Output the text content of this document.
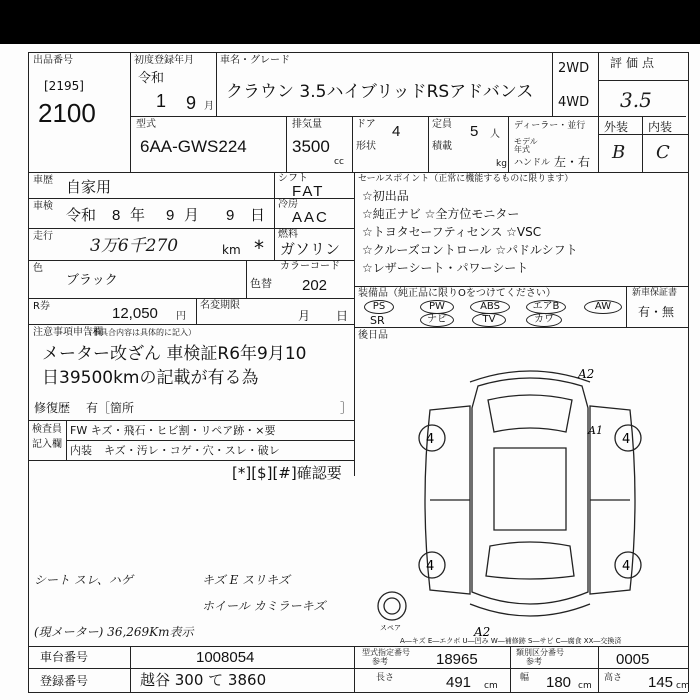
出品番号
[2195]
2100
初度登録年月
令和
1 9 月
車名・グレード
クラウン 3.5ハイブリッドRSアドバンス
2WD
4WD
評価点
3.5
外装 内装
B C
型式
6AA-GWS224
排気量
3500
cc
ドア 4
形状
定員 5 人
積載
kg
ディーラー・並行
モデル 年式
ハンドル 左・右
車歴 自家用	シフト
FAT
車検 令和 8 年 9 月 9 日
冷房
AAC
走行 3万6千270	km *
燃料
ガソリン
色
ブラック	色替
カラーコード
202
R券	12,050 円
名変期限
月 日
注意事項申告欄
（不具合内容は具体的に記入）
メーター改ざん 車検証R6年9月10
日39500kmの記載が有る為
修復歴 有［箇所	］
検査員
記入欄
FW キズ・飛石・ヒビ割・リペア跡・×要
内装 キズ・汚レ・コゲ・穴・スレ・破レ
[*][$][#]確認要
セールスポイント（正常に機能するものに限ります）
☆初出品
☆純正ナビ ☆全方位モニター
☆トヨタセーフティセンス ☆VSC
☆クルーズコントロール ☆パドルシフト
☆レザーシート・パワーシート
装備品（純正品に限りOをつけてください）
PS	PW	ABS	エアB	AW
SR	ナビ	TV	カワ
新車保証書
有・無
後日品
4	4
4	4
A2
A1
A2
スペア
A―キズ E―エクボ U―凹み W―補修跡 S―サビ C―腐食 XX―交換済
シート スレ、ハゲ
(現メーター) 36,269Km表示
キズ E スリキズ
ホイール カミラーキズ
車台番号	1008054
登録番号	越谷 300 て 3860
型式指定番号
参考	18965	類別区分番号
参考	0005
長さ	491 cm
幅 180 cm
高さ 145 cm
